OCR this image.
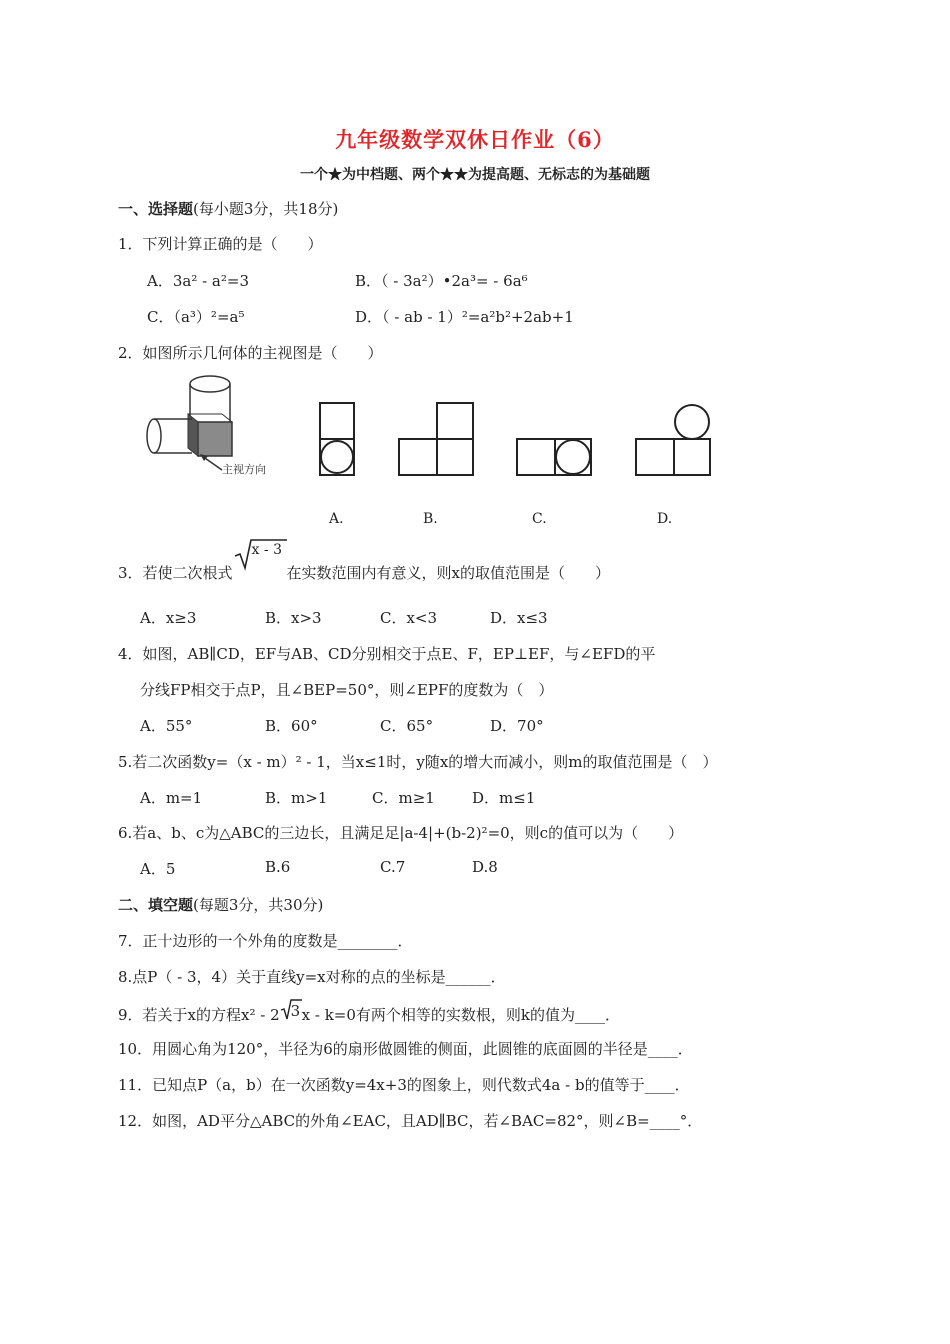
九年级数学双休日作业（6）
一个★为中档题、两个★★为提高题、无标志的为基础题
一、选择题(每小题3分，共18分)
1．下列计算正确的是（　　）
A．3a² - a²=3	B．（ - 3a²）•2a³= - 6a⁶
C．（a³）²=a⁵	D．（ - ab - 1）²=a²b²+2ab+1
2．如图所示几何体的主视图是（　　）
主视方向
A.	B.	C.	D.
3．若使二次根式
x - 3
在实数范围内有意义，则x的取值范围是（　　）
A．x≥3	B．x>3	C．x<3	D．x≤3
4．如图，AB∥CD，EF与AB、CD分别相交于点E、F，EP⊥EF，与∠EFD的平
分线FP相交于点P，且∠BEP=50°，则∠EPF的度数为（　）
A．55°	B．60°	C．65°	D．70°
5.若二次函数y=（x - m）² - 1，当x≤1时，y随x的增大而减小，则m的取值范围是（　）
A．m=1	B．m>1	C．m≥1 D．m≤1
6.若a、b、c为△ABC的三边长，且满足足|a-4|+(b-2)²=0，则c的值可以为（　　）
A．5	B.6	C.7	D.8
二、填空题(每题3分，共30分)
7．正十边形的一个外角的度数是________．
8.点P（ - 3，4）关于直线y=x对称的点的坐标是______．
9．若关于x的方程x² - 2 3 x - k=0有两个相等的实数根，则k的值为____．
10．用圆心角为120°，半径为6的扇形做圆锥的侧面，此圆锥的底面圆的半径是____．
11．已知点P（a，b）在一次函数y=4x+3的图象上，则代数式4a - b的值等于____．
12．如图，AD平分△ABC的外角∠EAC，且AD∥BC，若∠BAC=82°，则∠B=____°．
